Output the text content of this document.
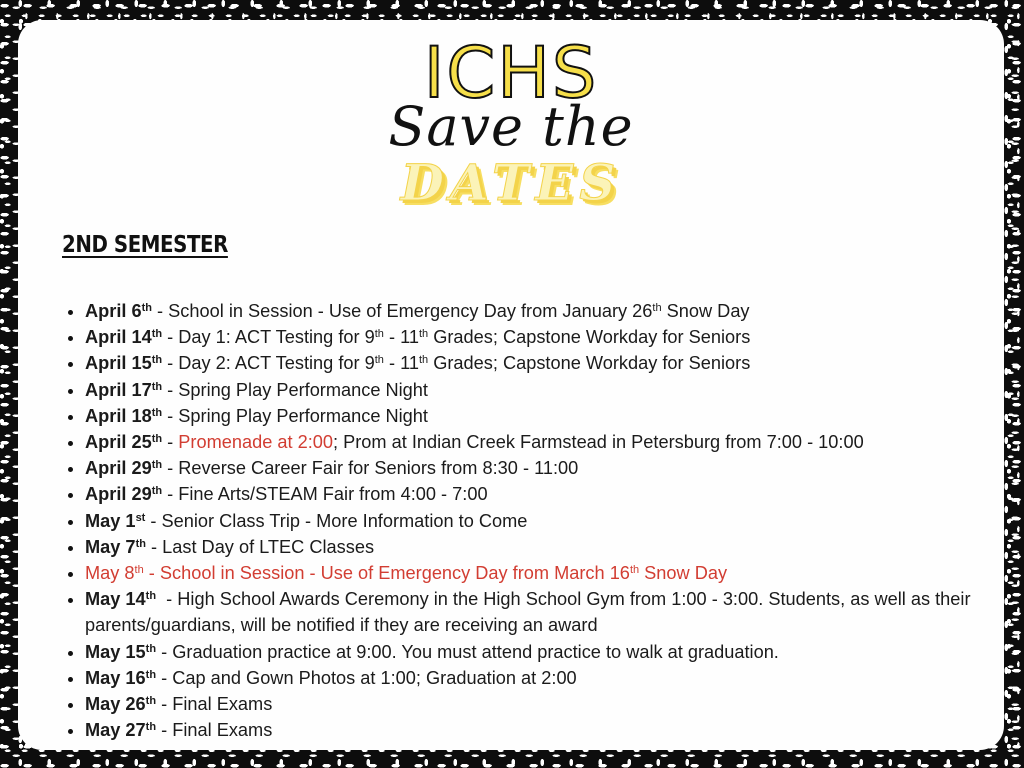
ICHS
Save the
DATES
2ND SEMESTER
• April 6th - School in Session - Use of Emergency Day from January 26th Snow Day
• April 14th - Day 1: ACT Testing for 9th - 11th Grades; Capstone Workday for Seniors
• April 15th - Day 2: ACT Testing for 9th - 11th Grades; Capstone Workday for Seniors
• April 17th - Spring Play Performance Night
• April 18th - Spring Play Performance Night
• April 25th - Promenade at 2:00; Prom at Indian Creek Farmstead in Petersburg from 7:00 - 10:00
• April 29th - Reverse Career Fair for Seniors from 8:30 - 11:00
• April 29th - Fine Arts/STEAM Fair from 4:00 - 7:00
• May 1st - Senior Class Trip - More Information to Come
• May 7th - Last Day of LTEC Classes
• May 8th - School in Session - Use of Emergency Day from March 16th Snow Day
• May 14th  - High School Awards Ceremony in the High School Gym from 1:00 - 3:00. Students, as well as their parents/guardians, will be notified if they are receiving an award
• May 15th - Graduation practice at 9:00. You must attend practice to walk at graduation.
• May 16th - Cap and Gown Photos at 1:00; Graduation at 2:00
• May 26th - Final Exams
• May 27th - Final Exams
